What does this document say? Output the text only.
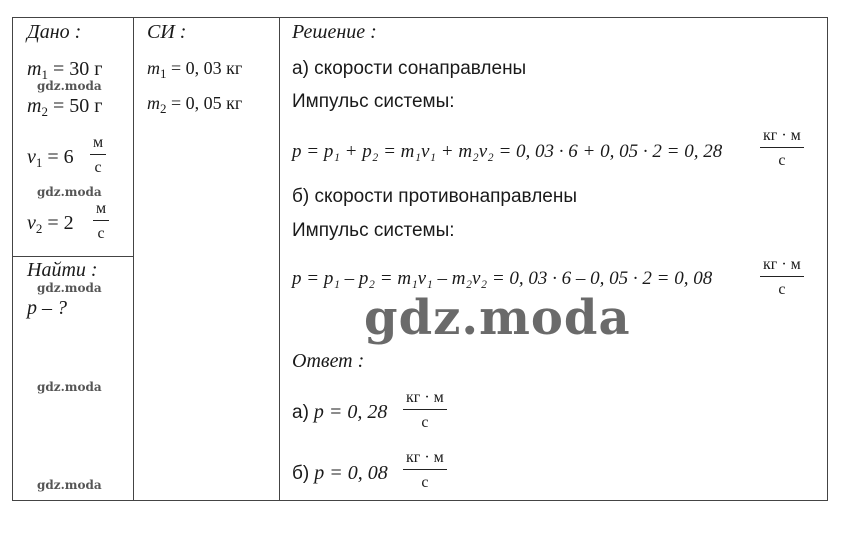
Дано :
$m_1 = 30$ г
$m_2 = 50$ г
$v_1 = 6$
м
с
$v_2 = 2$
м
с
Найти :
p – ?
СИ :
$m_1 = 0$, 03 кг
$m_2 = 0$, 05 кг
Решение :
а) скорости сонаправлены
Импульс системы:
p = p₁ + p₂ = m₁v₁ + m₂v₂ = 0, 03 · 6 + 0, 05 · 2 = 0, 28
кг · м
с
б) скорости противонаправлены
Импульс системы:
p = p₁ – p₂ = m₁v₁ – m₂v₂ = 0, 03 · 6 – 0, 05 · 2 = 0, 08
кг · м
с
Ответ :
а) p = 0, 28
кг · м
с
б) p = 0, 08
кг · м
с
gdz.moda
gdz.moda
gdz.moda
gdz.moda
gdz.moda
gdz.moda
